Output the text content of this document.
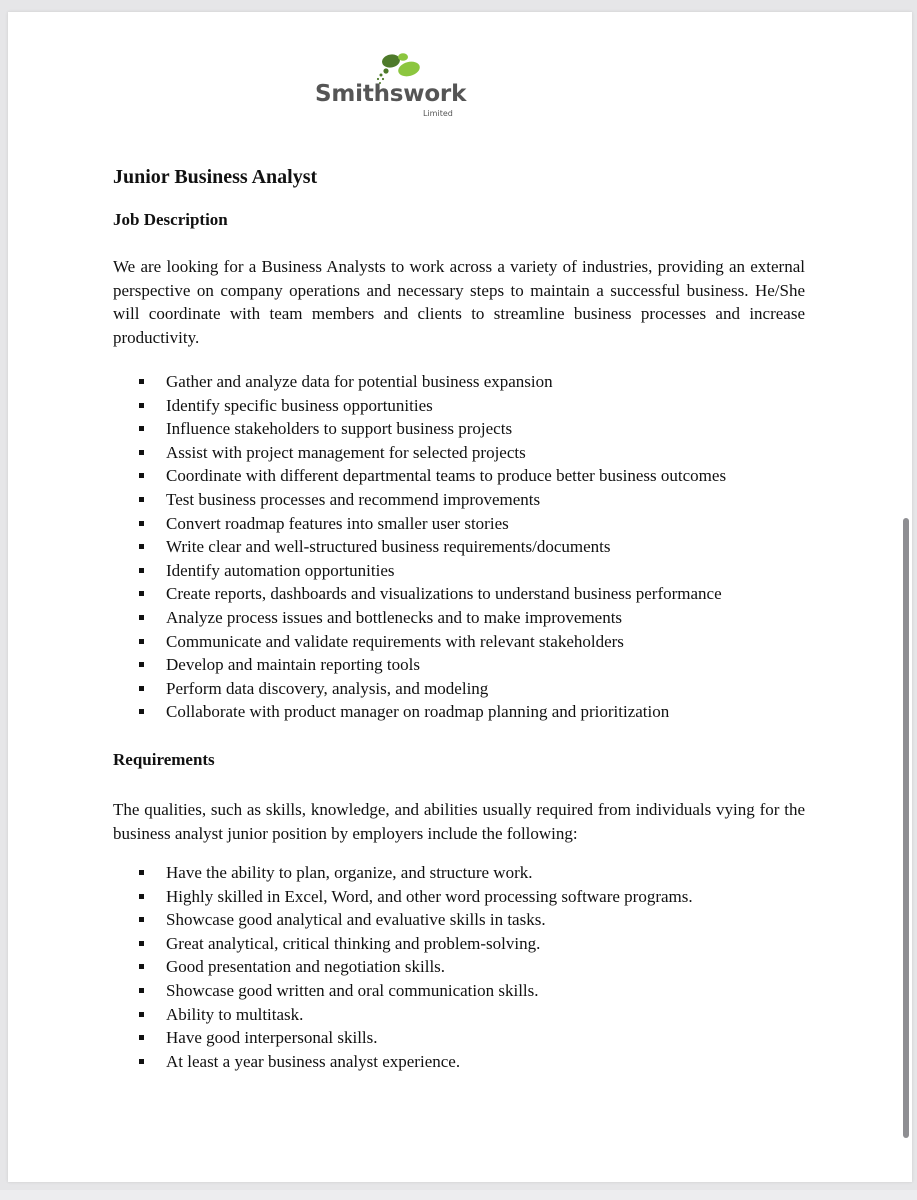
Smithswork
Limited
Junior Business Analyst
Job Description

We are looking for a Business Analysts to work across a variety of industries, providing an external perspective on company operations and necessary steps to maintain a successful business. He/She will coordinate with team members and clients to streamline business processes and increase productivity.

Gather and analyze data for potential business expansion
Identify specific business opportunities
Influence stakeholders to support business projects
Assist with project management for selected projects
Coordinate with different departmental teams to produce better business outcomes
Test business processes and recommend improvements
Convert roadmap features into smaller user stories
Write clear and well-structured business requirements/documents
Identify automation opportunities
Create reports, dashboards and visualizations to understand business performance
Analyze process issues and bottlenecks and to make improvements
Communicate and validate requirements with relevant stakeholders
Develop and maintain reporting tools
Perform data discovery, analysis, and modeling
Collaborate with product manager on roadmap planning and prioritization
Requirements

The qualities, such as skills, knowledge, and abilities usually required from individuals vying for the business analyst junior position by employers include the following:

Have the ability to plan, organize, and structure work.
Highly skilled in Excel, Word, and other word processing software programs.
Showcase good analytical and evaluative skills in tasks.
Great analytical, critical thinking and problem-solving.
Good presentation and negotiation skills.
Showcase good written and oral communication skills.
Ability to multitask.
Have good interpersonal skills.
At least a year business analyst experience.
